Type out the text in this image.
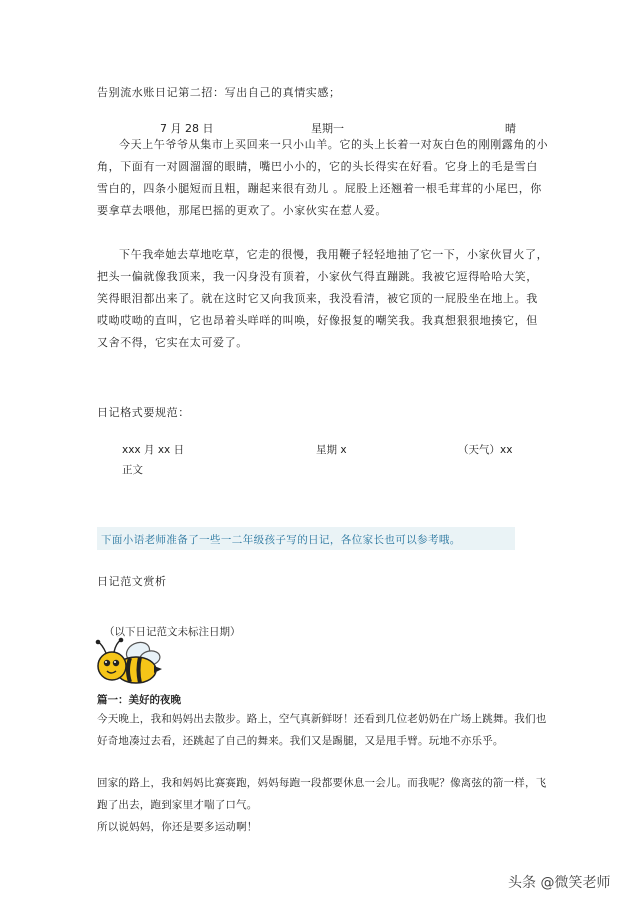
告别流水账日记第二招：写出自己的真情实感；
7 月 28 日	星期一	晴

今天上午爷爷从集市上买回来一只小山羊。它的头上长着一对灰白色的刚刚露角的小角，下面有一对圆溜溜的眼睛，嘴巴小小的，它的头长得实在好看。它身上的毛是雪白雪白的，四条小腿短而且粗，蹦起来很有劲儿 。屁股上还翘着一根毛茸茸的小尾巴，你要拿草去喂他，那尾巴摇的更欢了。小家伙实在惹人爱。

下午我牵她去草地吃草，它走的很慢，我用鞭子轻轻地抽了它一下，小家伙冒火了，把头一偏就像我顶来，我一闪身没有顶着，小家伙气得直蹦跳。我被它逗得哈哈大笑，笑得眼泪都出来了。就在这时它又向我顶来，我没看清，被它顶的一屁股坐在地上。我哎呦哎呦的直叫，它也昂着头咩咩的叫唤，好像报复的嘲笑我。我真想狠狠地揍它，但又舍不得，它实在太可爱了。

日记格式要规范：
xxx 月 xx 日	星期 x	（天气）xx
正文
下面小语老师准备了一些一二年级孩子写的日记，各位家长也可以参考哦。
日记范文赏析
（以下日记范文未标注日期）
篇一：美好的夜晚

今天晚上，我和妈妈出去散步。路上，空气真新鲜呀！还看到几位老奶奶在广场上跳舞。我们也好奇地凑过去看，还跳起了自己的舞来。我们又是踢腿，又是甩手臂。玩地不亦乐乎。

回家的路上，我和妈妈比赛赛跑，妈妈每跑一段都要休息一会儿。而我呢？像离弦的箭一样，飞跑了出去，跑到家里才喘了口气。

所以说妈妈，你还是要多运动啊！

头条 @微笑老师
